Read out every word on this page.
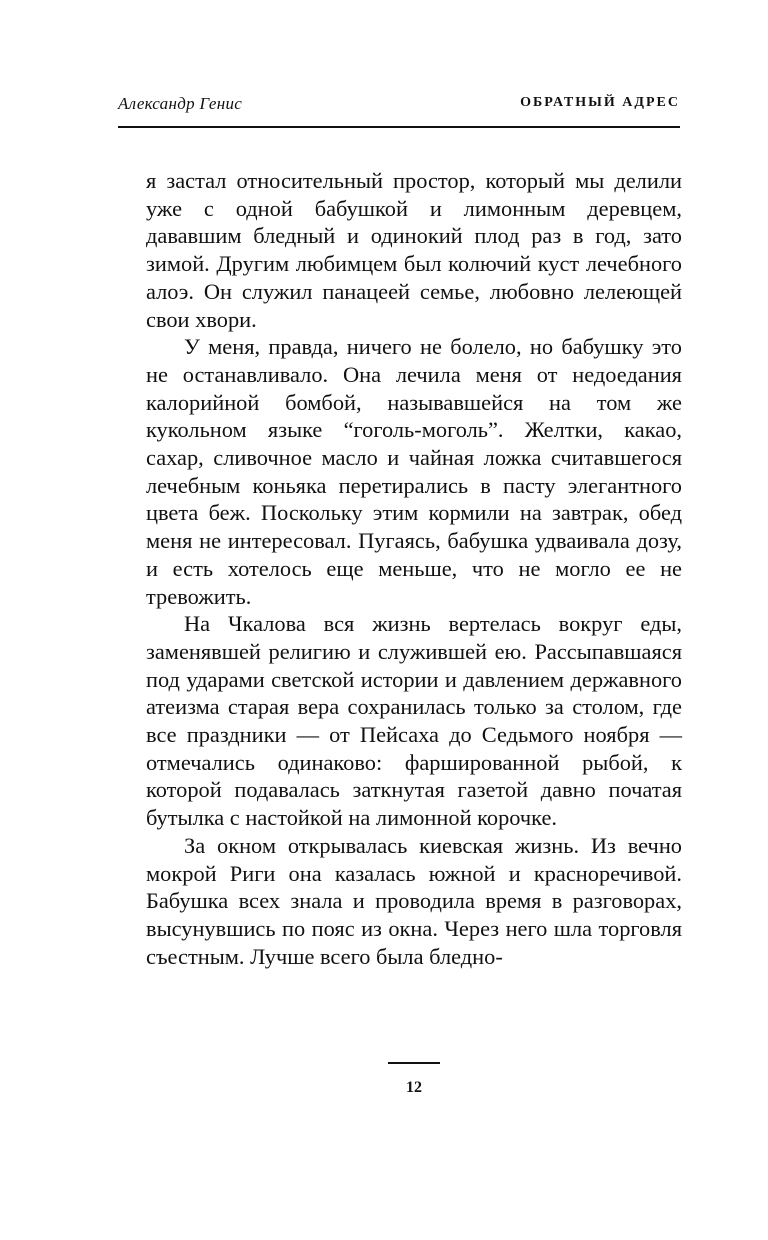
Александр Генис	ОБРАТНЫЙ АДРЕС

я застал относительный простор, который мы делили уже с одной бабушкой и лимонным деревцем, дававшим бледный и одинокий плод раз в год, зато зимой. Другим любимцем был колючий куст лечебного алоэ. Он служил панацеей семье, любовно лелеющей свои хвори.

У меня, правда, ничего не болело, но бабушку это не останавливало. Она лечила меня от недоедания калорийной бомбой, называвшейся на том же кукольном языке “гоголь-моголь”. Желтки, какао, сахар, сливочное масло и чайная ложка считавшегося лечебным коньяка перетирались в пасту элегантного цвета беж. Поскольку этим кормили на завтрак, обед меня не интересовал. Пугаясь, бабушка удваивала дозу, и есть хотелось еще меньше, что не могло ее не тревожить.

На Чкалова вся жизнь вертелась вокруг еды, заменявшей религию и служившей ею. Рассыпавшаяся под ударами светской истории и давлением державного атеизма старая вера сохранилась только за столом, где все праздники — от Пейсаха до Седьмого ноября — отмечались одинаково: фаршированной рыбой, к которой подавалась заткнутая газетой давно початая бутылка с настойкой на лимонной корочке.

За окном открывалась киевская жизнь. Из вечно мокрой Риги она казалась южной и красноречивой. Бабушка всех знала и проводила время в разговорах, высунувшись по пояс из окна. Через него шла торговля съестным. Лучше всего была бледно-

12
